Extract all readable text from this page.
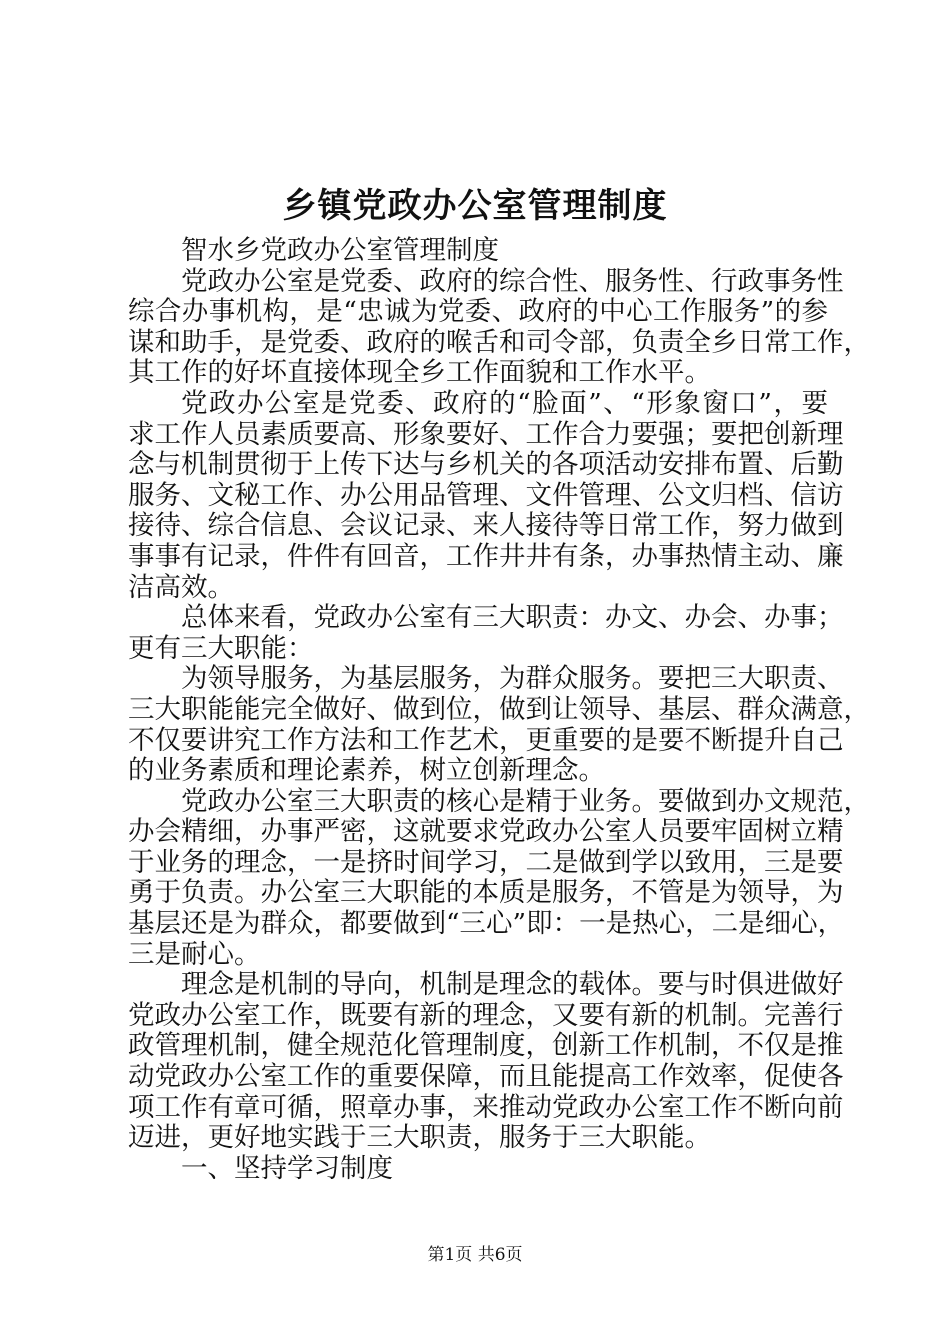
乡镇党政办公室管理制度
智水乡党政办公室管理制度
党政办公室是党委、政府的综合性、服务性、行政事务性
综合办事机构，是“忠诚为党委、政府的中心工作服务”的参
谋和助手，是党委、政府的喉舌和司令部，负责全乡日常工作，
其工作的好坏直接体现全乡工作面貌和工作水平。
党政办公室是党委、政府的“脸面”、“形象窗口”，要
求工作人员素质要高、形象要好、工作合力要强；要把创新理
念与机制贯彻于上传下达与乡机关的各项活动安排布置、后勤
服务、文秘工作、办公用品管理、文件管理、公文归档、信访
接待、综合信息、会议记录、来人接待等日常工作，努力做到
事事有记录，件件有回音，工作井井有条，办事热情主动、廉
洁高效。
总体来看，党政办公室有三大职责：办文、办会、办事；
更有三大职能：
为领导服务，为基层服务，为群众服务。要把三大职责、
三大职能能完全做好、做到位，做到让领导、基层、群众满意，
不仅要讲究工作方法和工作艺术，更重要的是要不断提升自己
的业务素质和理论素养，树立创新理念。
党政办公室三大职责的核心是精于业务。要做到办文规范，
办会精细，办事严密，这就要求党政办公室人员要牢固树立精
于业务的理念，一是挤时间学习，二是做到学以致用，三是要
勇于负责。办公室三大职能的本质是服务，不管是为领导，为
基层还是为群众，都要做到“三心”即：一是热心，二是细心，
三是耐心。
理念是机制的导向，机制是理念的载体。要与时俱进做好
党政办公室工作，既要有新的理念，又要有新的机制。完善行
政管理机制，健全规范化管理制度，创新工作机制，不仅是推
动党政办公室工作的重要保障，而且能提高工作效率，促使各
项工作有章可循，照章办事，来推动党政办公室工作不断向前
迈进，更好地实践于三大职责，服务于三大职能。
一、坚持学习制度
第1页 共6页
